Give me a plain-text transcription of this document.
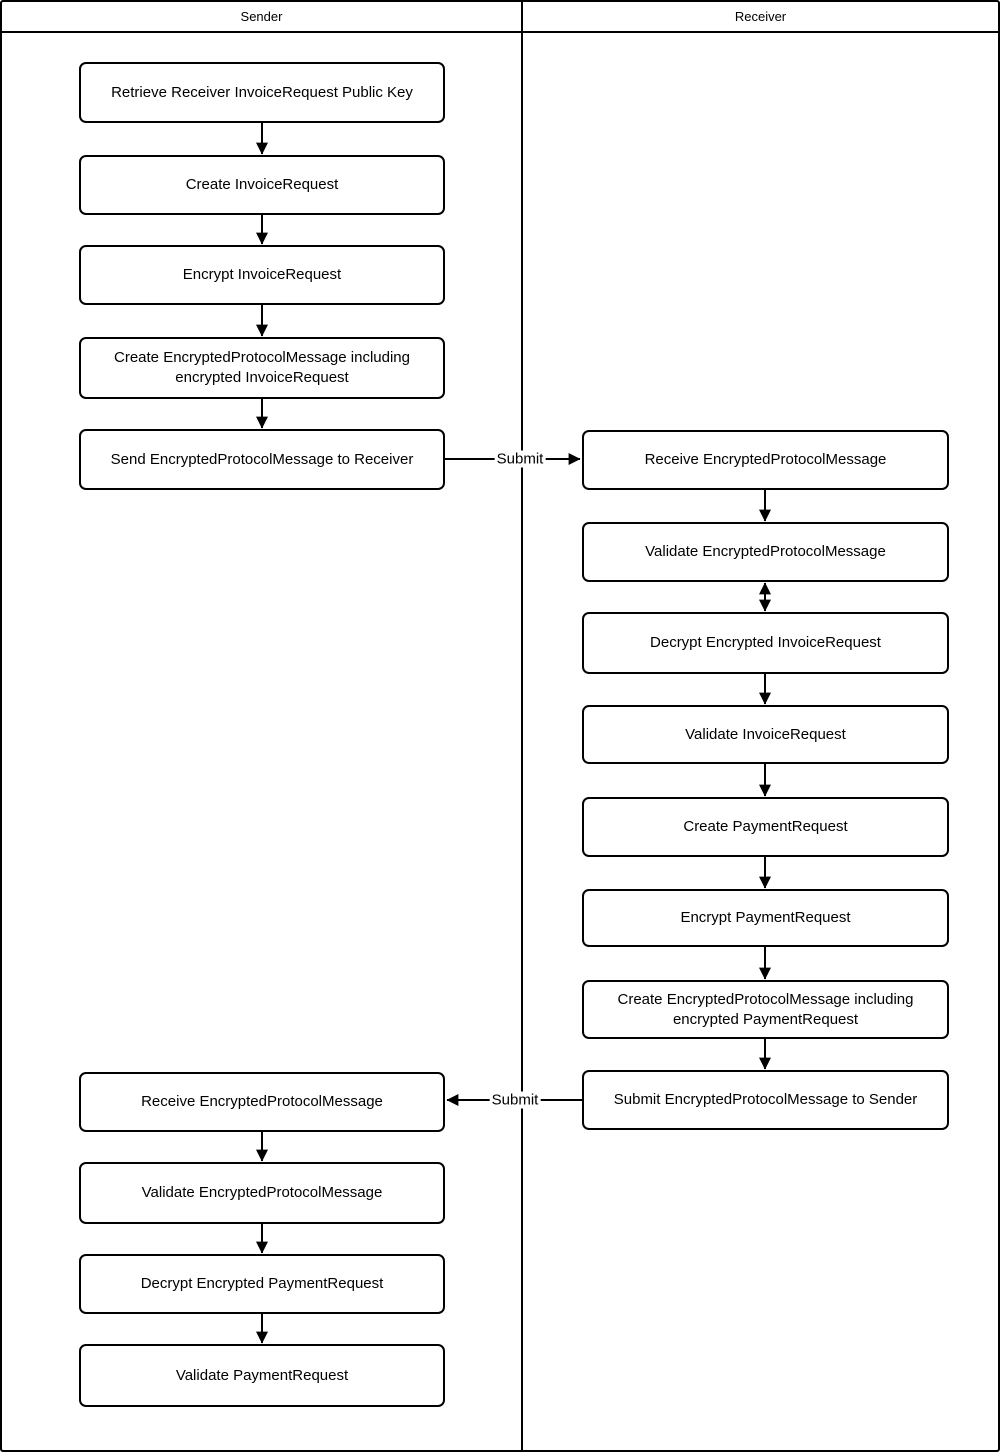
Sender	Receiver
Retrieve Receiver InvoiceRequest Public Key
Create InvoiceRequest
Encrypt InvoiceRequest
Create EncryptedProtocolMessage including encrypted InvoiceRequest
Send EncryptedProtocolMessage to Receiver
Receive EncryptedProtocolMessage
Validate EncryptedProtocolMessage
Decrypt Encrypted PaymentRequest
Validate PaymentRequest
Receive EncryptedProtocolMessage
Validate EncryptedProtocolMessage
Decrypt Encrypted InvoiceRequest
Validate InvoiceRequest
Create PaymentRequest
Encrypt PaymentRequest
Create EncryptedProtocolMessage including encrypted PaymentRequest
Submit EncryptedProtocolMessage to Sender
Submit
Submit
